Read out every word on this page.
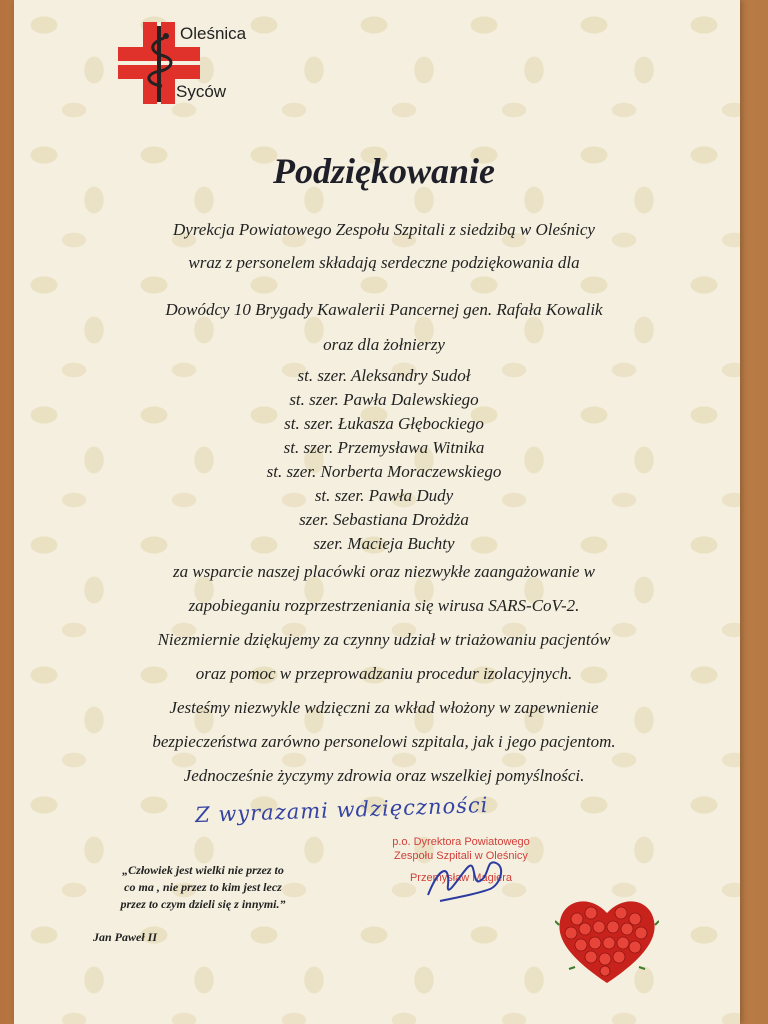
Oleśnica
Syców
Podziękowanie
Dyrekcja Powiatowego Zespołu Szpitali z siedzibą w Oleśnicy
wraz z personelem składają serdeczne podziękowania dla
Dowódcy 10 Brygady Kawalerii Pancernej gen. Rafała Kowalik
oraz dla żołnierzy
st. szer. Aleksandry Sudoł
st. szer. Pawła Dalewskiego
st. szer. Łukasza Głębockiego
st. szer. Przemysława Witnika
st. szer. Norberta Moraczewskiego
st. szer. Pawła Dudy
szer. Sebastiana Drożdża
szer. Macieja Buchty
za wsparcie naszej placówki oraz niezwykłe zaangażowanie w
zapobieganiu rozprzestrzeniania się wirusa SARS-CoV-2.
Niezmiernie dziękujemy za czynny udział w triażowaniu pacjentów
oraz pomoc w przeprowadzaniu procedur izolacyjnych.
Jesteśmy niezwykle wdzięczni za wkład włożony w zapewnienie
bezpieczeństwa zarówno personelowi szpitala, jak i jego pacjentom.
Jednocześnie życzymy zdrowia oraz wszelkiej pomyślności.
Z wyrazami wdzięczności
p.o. Dyrektora Powiatowego
Zespołu Szpitali w Oleśnicy
Przemysław Magiera
„Człowiek jest wielki nie przez to
co ma , nie przez to kim jest lecz
przez to czym dzieli się z innymi.”
Jan Paweł II
